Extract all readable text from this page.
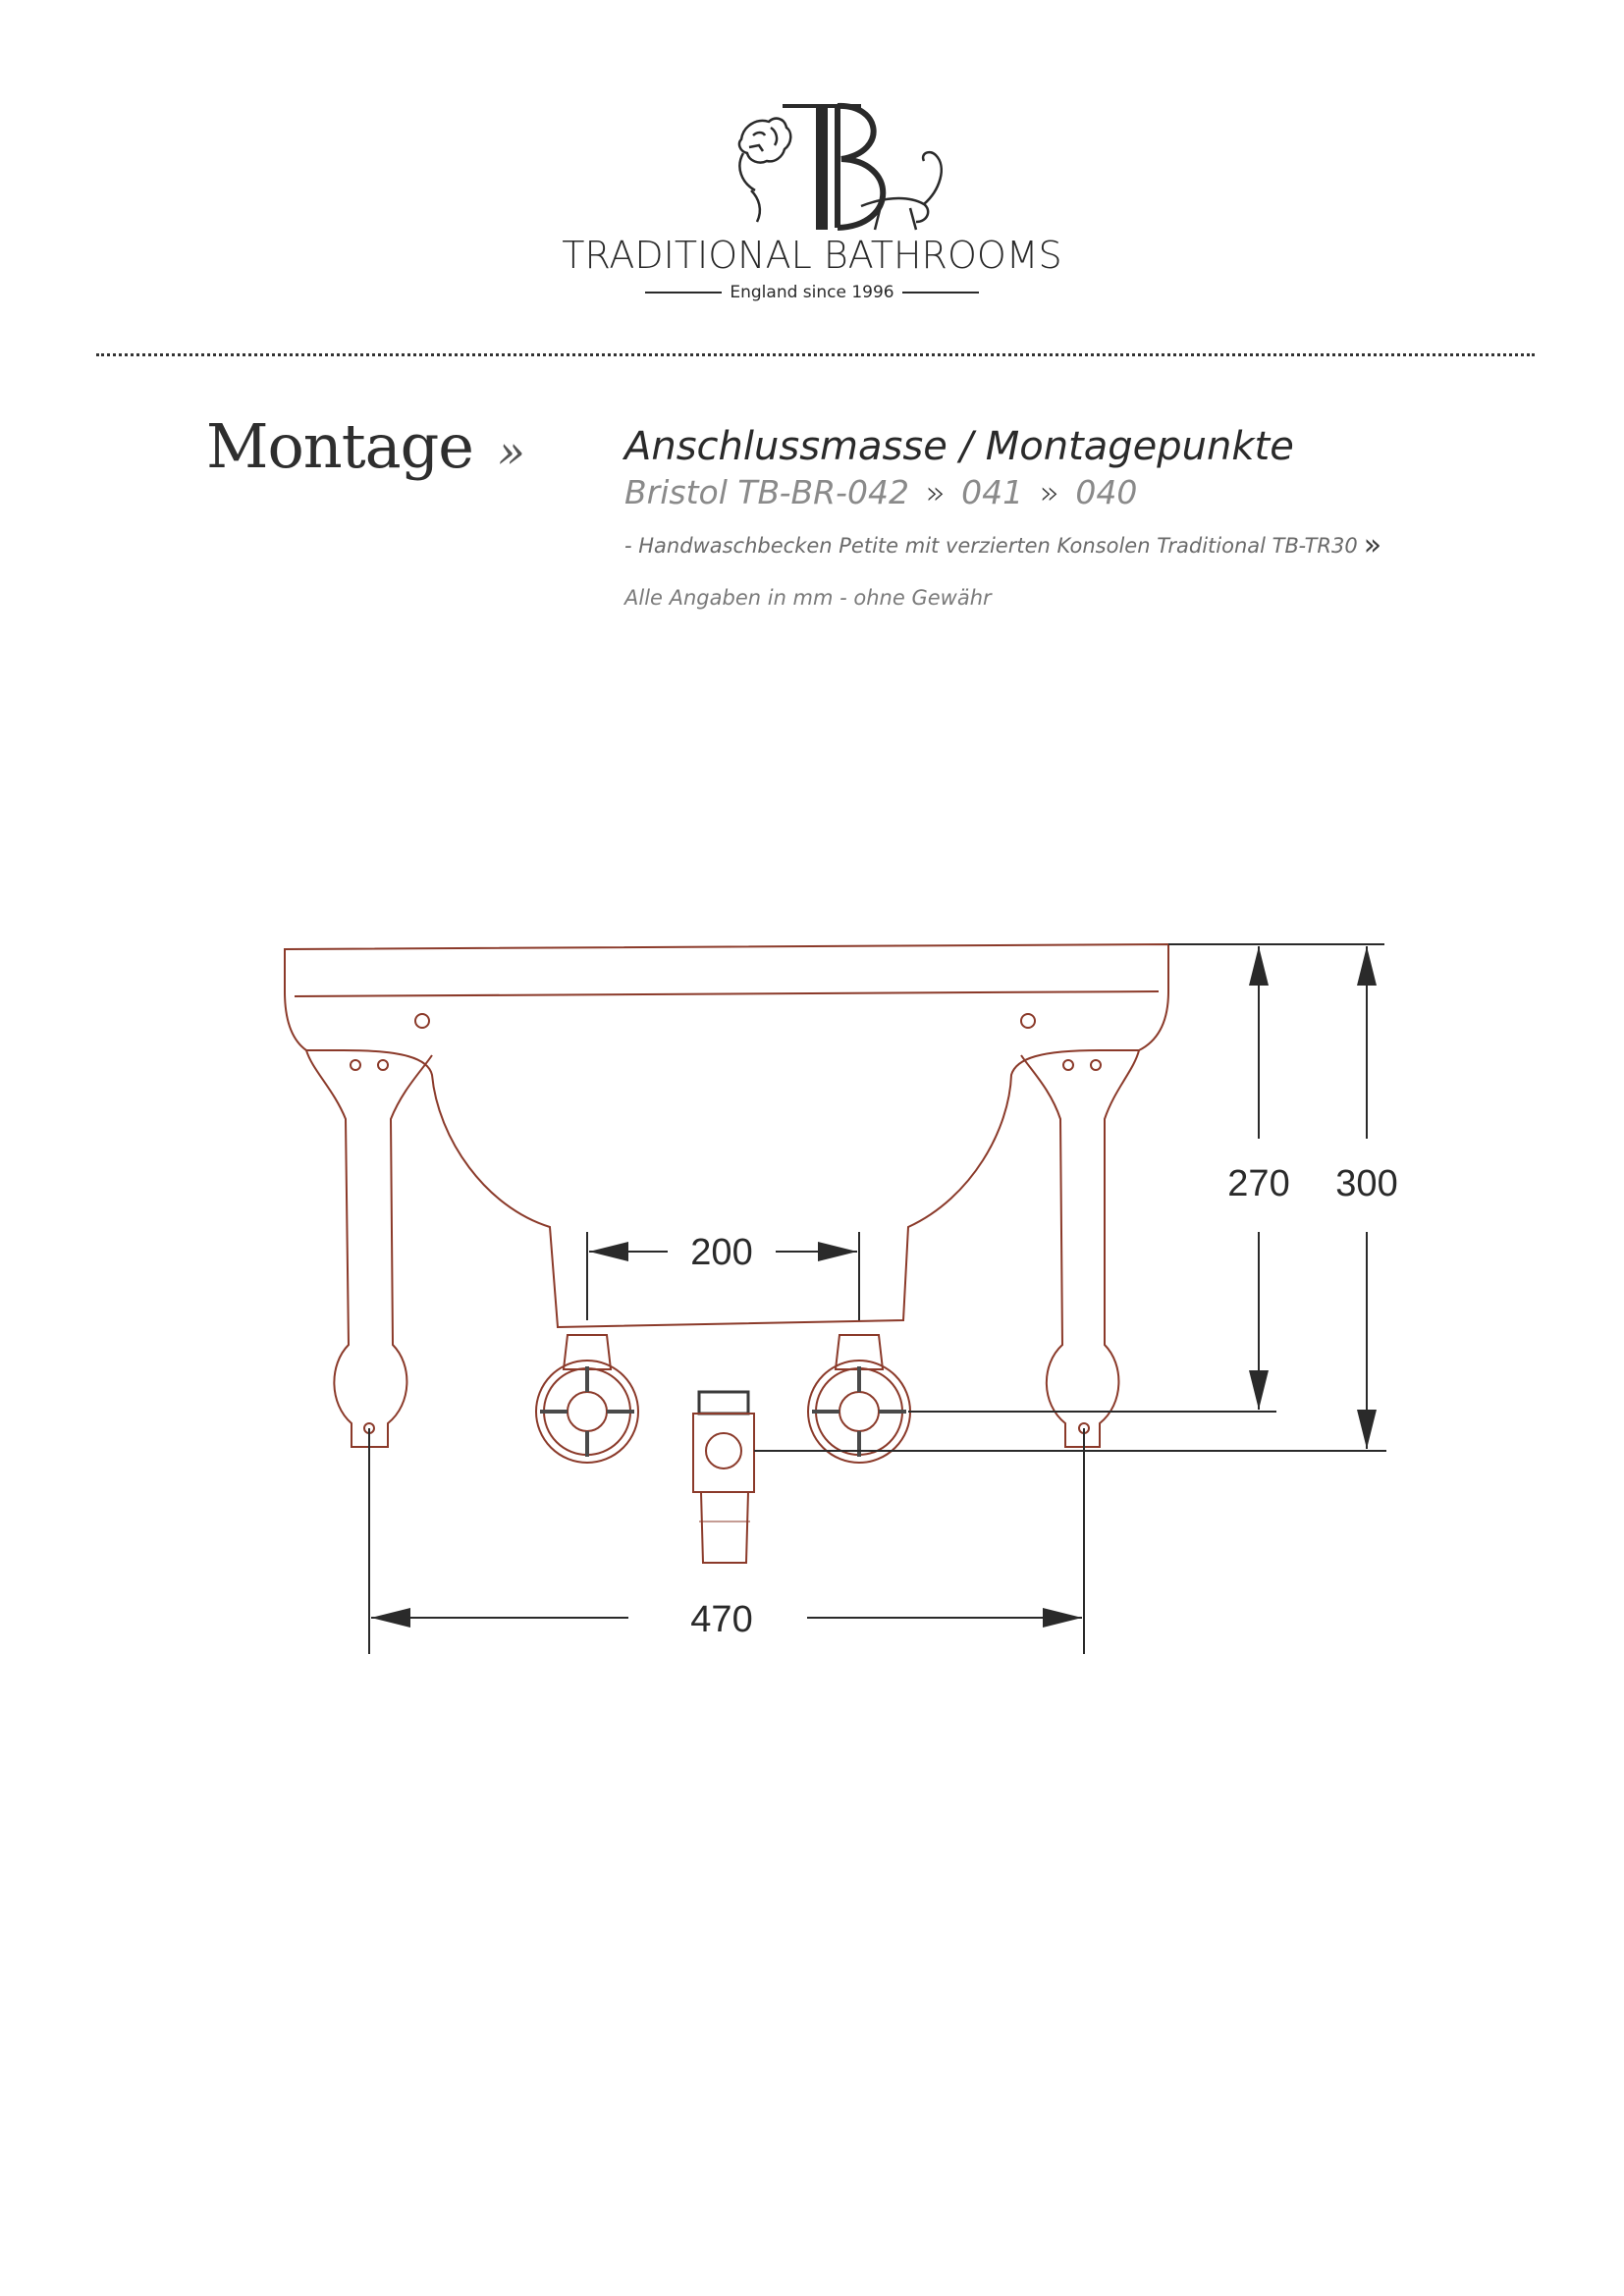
TRADITIONAL BATHROOMS
England since 1996
Montage »	Anschlussmasse / Montagepunkte
Bristol TB-BR-042 » 041 » 040
- Handwaschbecken Petite mit verzierten Konsolen Traditional TB-TR30 »
Alle Angaben in mm - ohne Gewähr
200
270 300
470
